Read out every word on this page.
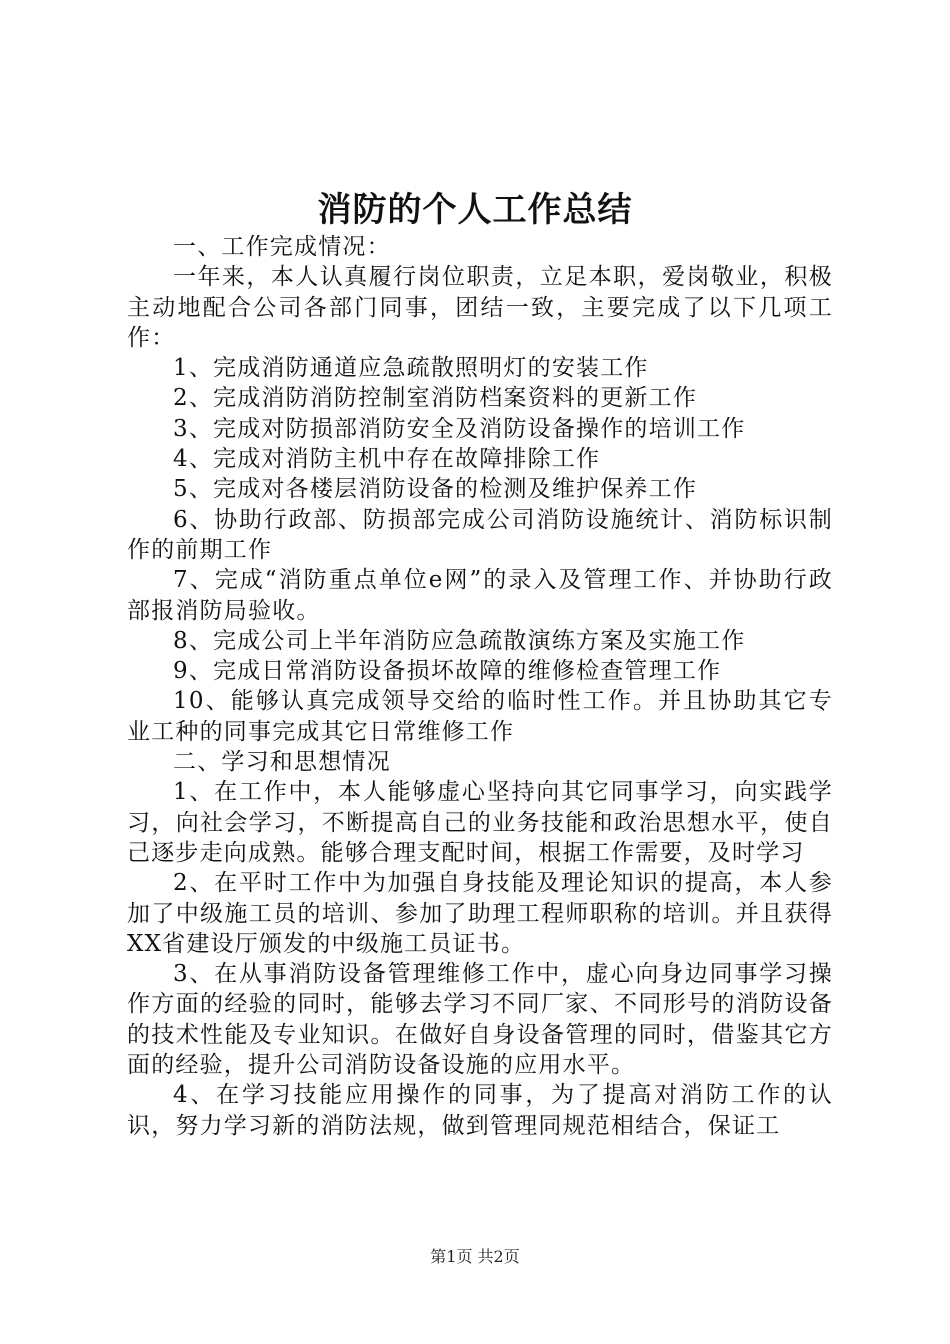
消防的个人工作总结

一、工作完成情况：

一年来，本人认真履行岗位职责，立足本职，爱岗敬业，积极主动地配合公司各部门同事，团结一致，主要完成了以下几项工作：

1、完成消防通道应急疏散照明灯的安装工作

2、完成消防消防控制室消防档案资料的更新工作

3、完成对防损部消防安全及消防设备操作的培训工作

4、完成对消防主机中存在故障排除工作

5、完成对各楼层消防设备的检测及维护保养工作

6、协助行政部、防损部完成公司消防设施统计、消防标识制作的前期工作

7、完成“消防重点单位e网”的录入及管理工作、并协助行政部报消防局验收。

8、完成公司上半年消防应急疏散演练方案及实施工作

9、完成日常消防设备损坏故障的维修检查管理工作

10、能够认真完成领导交给的临时性工作。并且协助其它专业工种的同事完成其它日常维修工作

二、学习和思想情况

1、在工作中，本人能够虚心坚持向其它同事学习，向实践学习，向社会学习，不断提高自己的业务技能和政治思想水平，使自己逐步走向成熟。能够合理支配时间，根据工作需要，及时学习

2、在平时工作中为加强自身技能及理论知识的提高，本人参加了中级施工员的培训、参加了助理工程师职称的培训。并且获得XX省建设厅颁发的中级施工员证书。

3、在从事消防设备管理维修工作中，虚心向身边同事学习操作方面的经验的同时，能够去学习不同厂家、不同形号的消防设备的技术性能及专业知识。在做好自身设备管理的同时，借鉴其它方面的经验，提升公司消防设备设施的应用水平。

4、在学习技能应用操作的同事，为了提高对消防工作的认识，努力学习新的消防法规，做到管理同规范相结合，保证工

第1页 共2页
